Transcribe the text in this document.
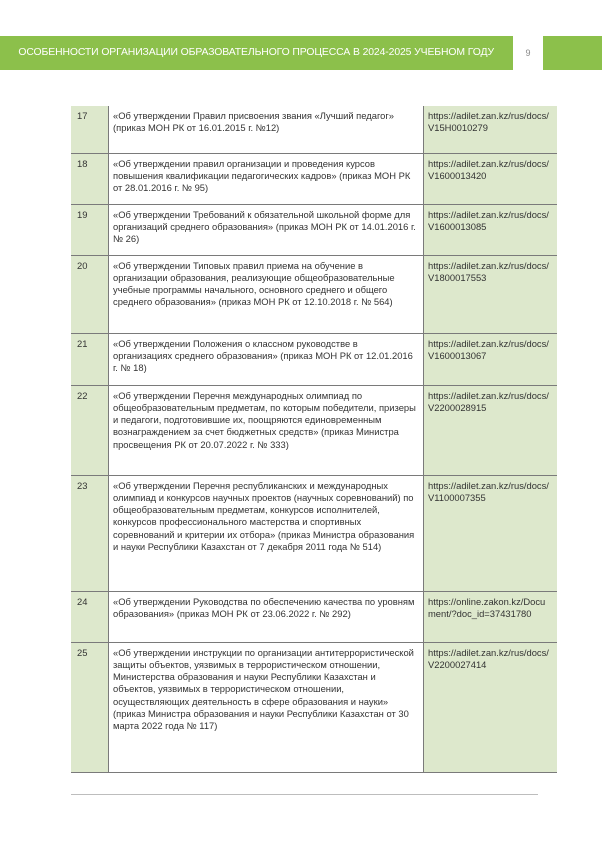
ОСОБЕННОСТИ ОРГАНИЗАЦИИ ОБРАЗОВАТЕЛЬНОГО ПРОЦЕССА В 2024-2025 УЧЕБНОМ ГОДУ	9
17	«Об утверждении Правил присвоения звания «Лучший педагог» (приказ МОН РК от 16.01.2015 г. №12)	https://adilet.zan.kz/rus/docs/V15H0010279
18	«Об утверждении правил организации и проведения курсов повышения квалификации педагогических кадров» (приказ МОН РК от 28.01.2016 г. № 95)	https://adilet.zan.kz/rus/docs/V1600013420
19	«Об утверждении Требований к обязательной школьной форме для организаций среднего образования» (приказ МОН РК от 14.01.2016 г. № 26)	https://adilet.zan.kz/rus/docs/V1600013085
20	«Об утверждении Типовых правил приема на обучение в организации образования, реализующие общеобразовательные учебные программы начального, основного среднего и общего среднего образования» (приказ МОН РК от 12.10.2018 г. № 564)	https://adilet.zan.kz/rus/docs/V1800017553
21	«Об утверждении Положения о классном руководстве в организациях среднего образования» (приказ МОН РК от 12.01.2016 г. № 18)	https://adilet.zan.kz/rus/docs/V1600013067
22	«Об утверждении Перечня международных олимпиад по общеобразовательным предметам, по которым победители, призеры и педагоги, подготовившие их, поощряются единовременным вознаграждением за счет бюджетных средств» (приказ Министра просвещения РК от 20.07.2022 г. № 333)	https://adilet.zan.kz/rus/docs/V2200028915
23	«Об утверждении Перечня республиканских и международных олимпиад и конкурсов научных проектов (научных соревнований) по общеобразовательным предметам, конкурсов исполнителей, конкурсов профессионального мастерства и спортивных соревнований и критерии их отбора» (приказ Министра образования и науки Республики Казахстан от 7 декабря 2011 года № 514)	https://adilet.zan.kz/rus/docs/V1100007355
24	«Об утверждении Руководства по обеспечению качества по уровням образования» (приказ МОН РК от 23.06.2022 г. № 292)	https://online.zakon.kz/Document/?doc_id=37431780
25	«Об утверждении инструкции по организации антитеррористической защиты объектов, уязвимых в террористическом отношении, Министерства образования и науки Республики Казахстан и объектов, уязвимых в террористическом отношении, осуществляющих деятельность в сфере образования и науки» (приказ Министра образования и науки Республики Казахстан от 30 марта 2022 года № 117)	https://adilet.zan.kz/rus/docs/V2200027414
